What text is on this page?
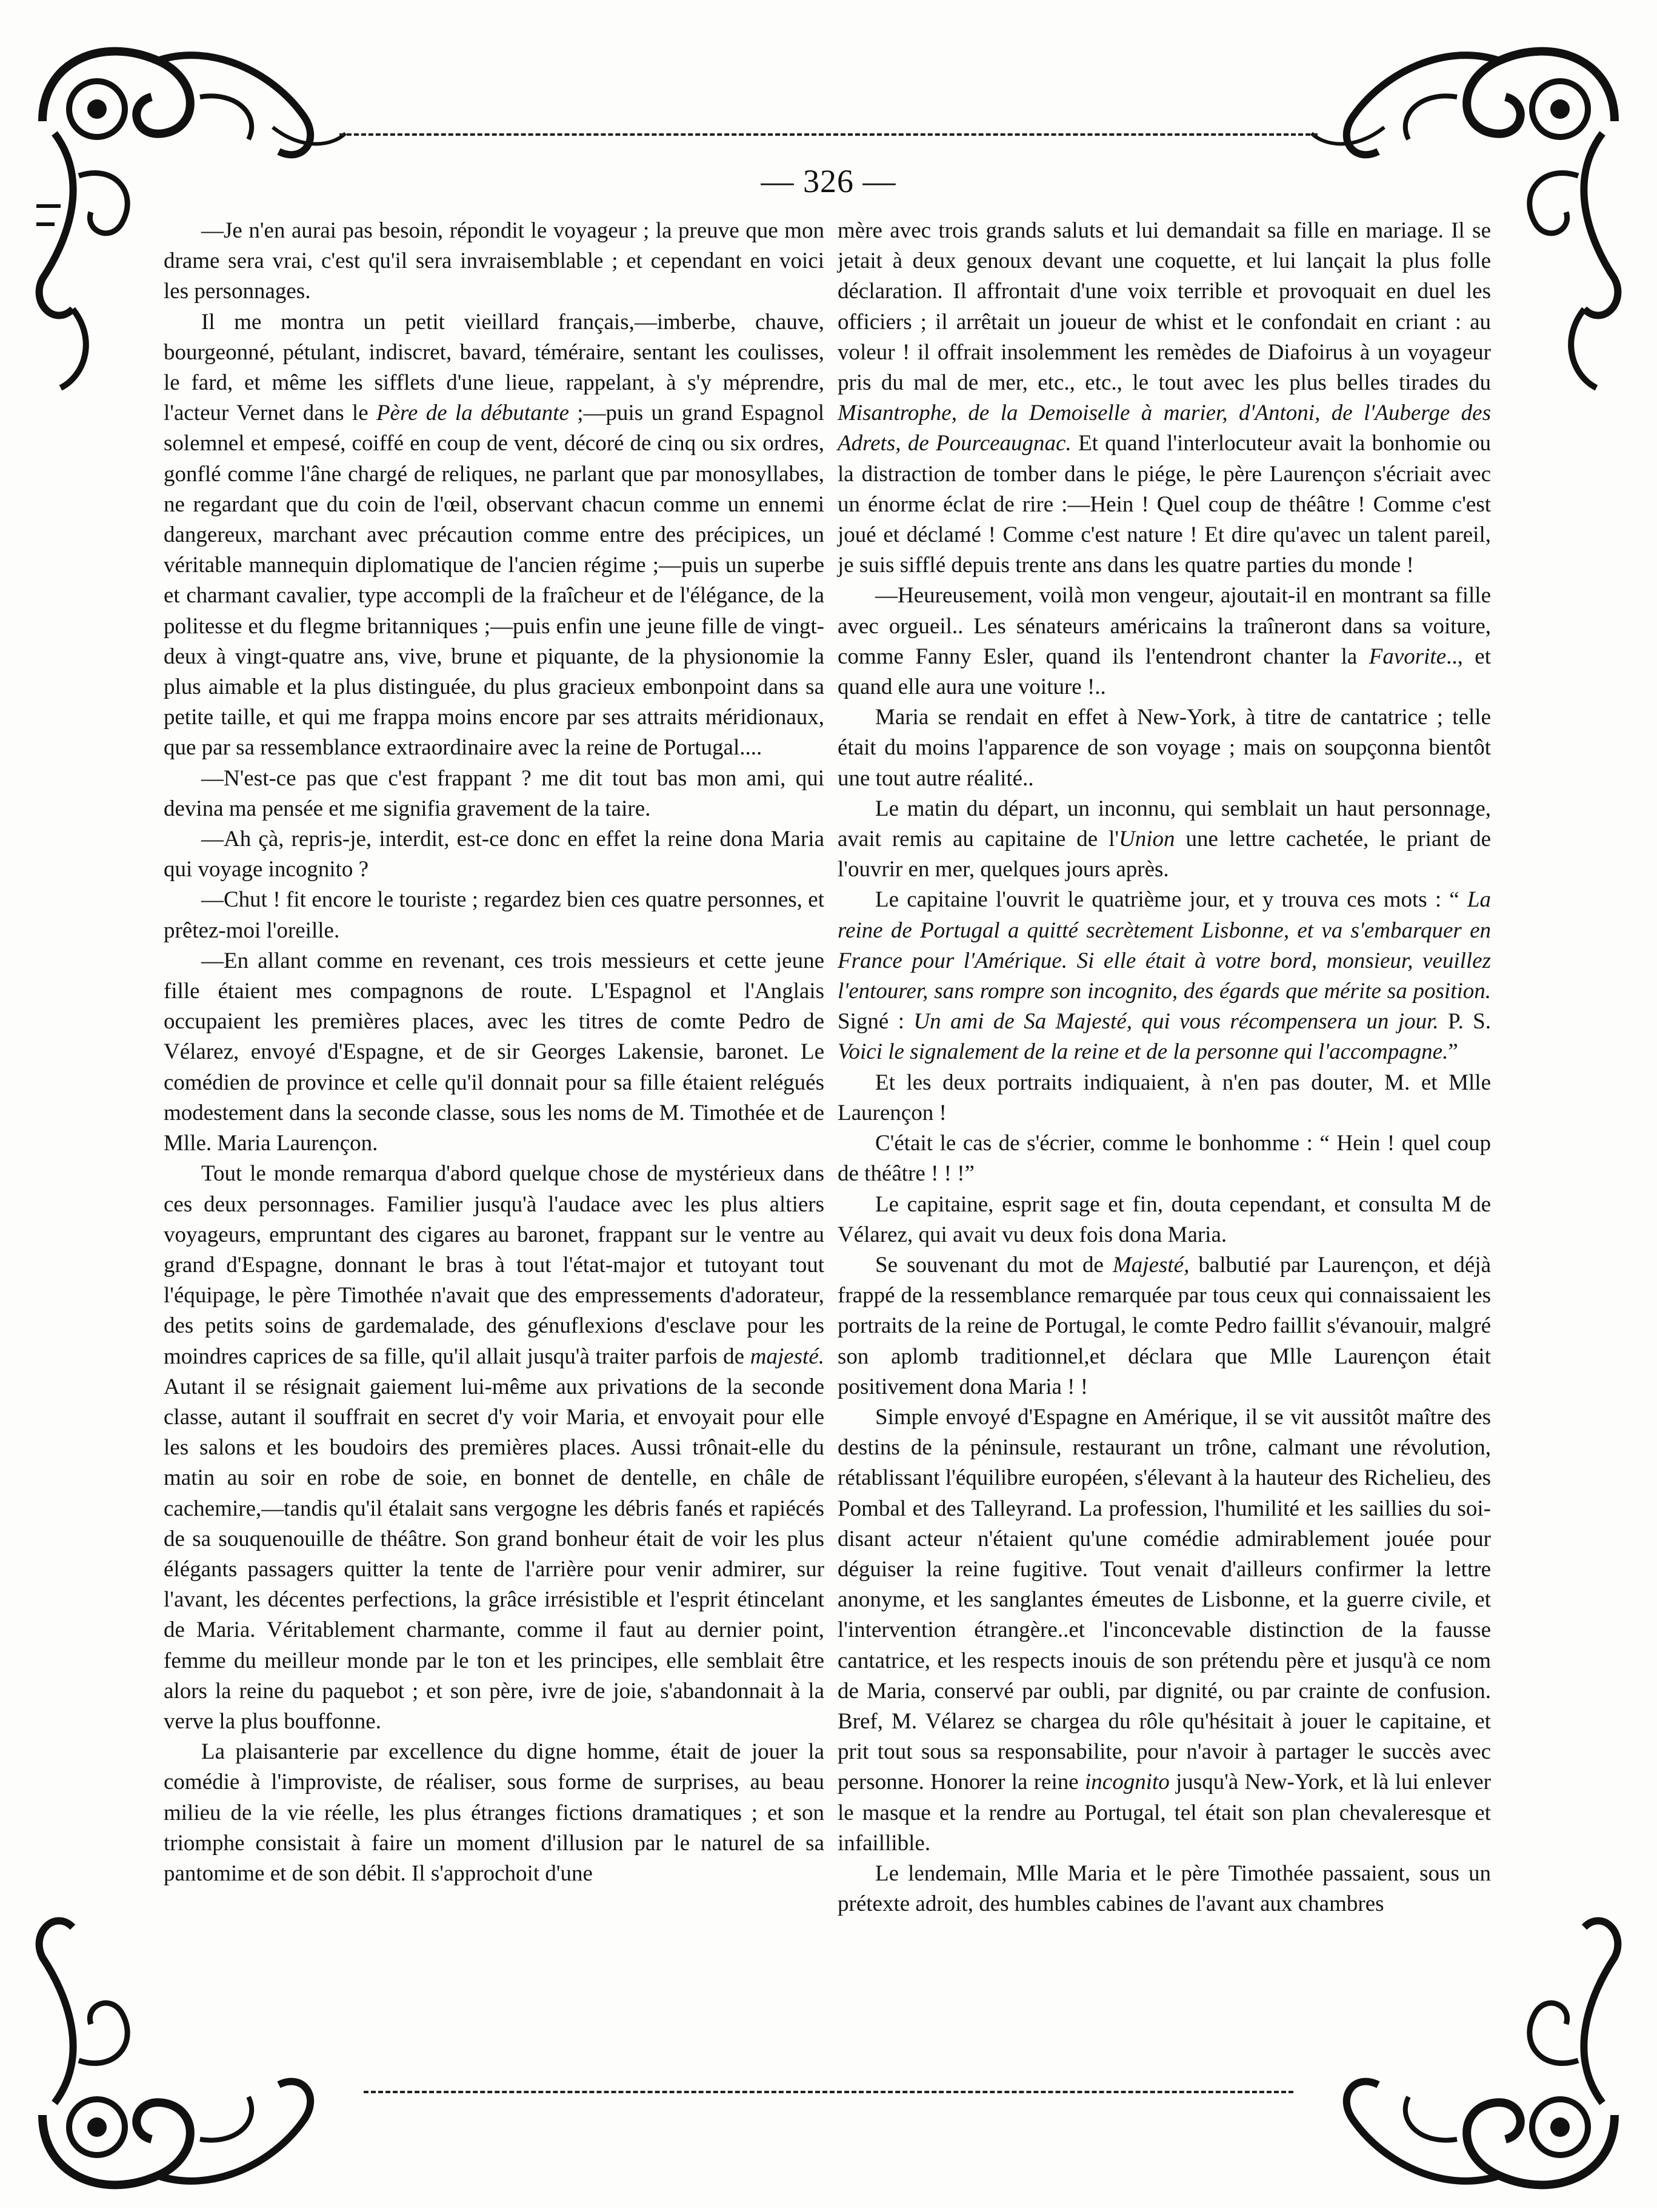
— 326 —

—Je n'en aurai pas besoin, répondit le voyageur ; la preuve que mon drame sera vrai, c'est qu'il sera invraisemblable ; et cependant en voici les personnages.

Il me montra un petit vieillard français,—imberbe, chauve, bourgeonné, pétulant, indiscret, bavard, téméraire, sentant les coulisses, le fard, et même les sifflets d'une lieue, rappelant, à s'y méprendre, l'acteur Vernet dans le Père de la débutante ;—puis un grand Espagnol solemnel et empesé, coiffé en coup de vent, décoré de cinq ou six ordres, gonflé comme l'âne chargé de reliques, ne parlant que par monosyllabes, ne regardant que du coin de l'œil, observant chacun comme un ennemi dangereux, marchant avec précaution comme entre des précipices, un véritable mannequin diplomatique de l'ancien régime ;—puis un superbe et charmant cavalier, type accompli de la fraîcheur et de l'élégance, de la politesse et du flegme britanniques ;—puis enfin une jeune fille de vingt-deux à vingt-quatre ans, vive, brune et piquante, de la physionomie la plus aimable et la plus distinguée, du plus gracieux embonpoint dans sa petite taille, et qui me frappa moins encore par ses attraits méridionaux, que par sa ressemblance extraordinaire avec la reine de Portugal....

—N'est-ce pas que c'est frappant ? me dit tout bas mon ami, qui devina ma pensée et me signifia gravement de la taire.

—Ah çà, repris-je, interdit, est-ce donc en effet la reine dona Maria qui voyage incognito ?

—Chut ! fit encore le touriste ; regardez bien ces quatre personnes, et prêtez-moi l'oreille.

—En allant comme en revenant, ces trois messieurs et cette jeune fille étaient mes compagnons de route. L'Espagnol et l'Anglais occupaient les premières places, avec les titres de comte Pedro de Vélarez, envoyé d'Espagne, et de sir Georges Lakensie, baronet. Le comédien de province et celle qu'il donnait pour sa fille étaient relégués modestement dans la seconde classe, sous les noms de M. Timothée et de Mlle. Maria Laurençon.

Tout le monde remarqua d'abord quelque chose de mystérieux dans ces deux personnages. Familier jusqu'à l'audace avec les plus altiers voyageurs, empruntant des cigares au baronet, frappant sur le ventre au grand d'Espagne, donnant le bras à tout l'état-major et tutoyant tout l'équipage, le père Timothée n'avait que des empressements d'adorateur, des petits soins de gardemalade, des génuflexions d'esclave pour les moindres caprices de sa fille, qu'il allait jusqu'à traiter parfois de majesté. Autant il se résignait gaiement lui-même aux privations de la seconde classe, autant il souffrait en secret d'y voir Maria, et envoyait pour elle les salons et les boudoirs des premières places. Aussi trônait-elle du matin au soir en robe de soie, en bonnet de dentelle, en châle de cachemire,—tandis qu'il étalait sans vergogne les débris fanés et rapiécés de sa souquenouille de théâtre. Son grand bonheur était de voir les plus élégants passagers quitter la tente de l'arrière pour venir admirer, sur l'avant, les décentes perfections, la grâce irrésistible et l'esprit étincelant de Maria. Véritablement charmante, comme il faut au dernier point, femme du meilleur monde par le ton et les principes, elle semblait être alors la reine du paquebot ; et son père, ivre de joie, s'abandonnait à la verve la plus bouffonne.

La plaisanterie par excellence du digne homme, était de jouer la comédie à l'improviste, de réaliser, sous forme de surprises, au beau milieu de la vie réelle, les plus étranges fictions dramatiques ; et son triomphe consistait à faire un moment d'illusion par le naturel de sa pantomime et de son débit. Il s'approchoit d'une

mère avec trois grands saluts et lui demandait sa fille en mariage. Il se jetait à deux genoux devant une coquette, et lui lançait la plus folle déclaration. Il affrontait d'une voix terrible et provoquait en duel les officiers ; il arrêtait un joueur de whist et le confondait en criant : au voleur ! il offrait insolemment les remèdes de Diafoirus à un voyageur pris du mal de mer, etc., etc., le tout avec les plus belles tirades du Misantrophe, de la Demoiselle à marier, d'Antoni, de l'Auberge des Adrets, de Pourceaugnac. Et quand l'interlocuteur avait la bonhomie ou la distraction de tomber dans le piége, le père Laurençon s'écriait avec un énorme éclat de rire :—Hein ! Quel coup de théâtre ! Comme c'est joué et déclamé ! Comme c'est nature ! Et dire qu'avec un talent pareil, je suis sifflé depuis trente ans dans les quatre parties du monde !

—Heureusement, voilà mon vengeur, ajoutait-il en montrant sa fille avec orgueil.. Les sénateurs américains la traîneront dans sa voiture, comme Fanny Esler, quand ils l'entendront chanter la Favorite.., et quand elle aura une voiture !..

Maria se rendait en effet à New-York, à titre de cantatrice ; telle était du moins l'apparence de son voyage ; mais on soupçonna bientôt une tout autre réalité..

Le matin du départ, un inconnu, qui semblait un haut personnage, avait remis au capitaine de l'Union une lettre cachetée, le priant de l'ouvrir en mer, quelques jours après.

Le capitaine l'ouvrit le quatrième jour, et y trouva ces mots : “ La reine de Portugal a quitté secrètement Lisbonne, et va s'embarquer en France pour l'Amérique. Si elle était à votre bord, monsieur, veuillez l'entourer, sans rompre son incognito, des égards que mérite sa position. Signé : Un ami de Sa Majesté, qui vous récompensera un jour. P. S. Voici le signalement de la reine et de la personne qui l'accompagne.”

Et les deux portraits indiquaient, à n'en pas douter, M. et Mlle Laurençon !

C'était le cas de s'écrier, comme le bonhomme : “ Hein ! quel coup de théâtre ! ! !”

Le capitaine, esprit sage et fin, douta cependant, et consulta M de Vélarez, qui avait vu deux fois dona Maria.

Se souvenant du mot de Majesté, balbutié par Laurençon, et déjà frappé de la ressemblance remarquée par tous ceux qui connaissaient les portraits de la reine de Portugal, le comte Pedro faillit s'évanouir, malgré son aplomb traditionnel,et déclara que Mlle Laurençon était positivement dona Maria ! !

Simple envoyé d'Espagne en Amérique, il se vit aussitôt maître des destins de la péninsule, restaurant un trône, calmant une révolution, rétablissant l'équilibre européen, s'élevant à la hauteur des Richelieu, des Pombal et des Talleyrand. La profession, l'humilité et les saillies du soi-disant acteur n'étaient qu'une comédie admirablement jouée pour déguiser la reine fugitive. Tout venait d'ailleurs confirmer la lettre anonyme, et les sanglantes émeutes de Lisbonne, et la guerre civile, et l'intervention étrangère..et l'inconcevable distinction de la fausse cantatrice, et les respects inouis de son prétendu père et jusqu'à ce nom de Maria, conservé par oubli, par dignité, ou par crainte de confusion. Bref, M. Vélarez se chargea du rôle qu'hésitait à jouer le capitaine, et prit tout sous sa responsabilite, pour n'avoir à partager le succès avec personne. Honorer la reine incognito jusqu'à New-York, et là lui enlever le masque et la rendre au Portugal, tel était son plan chevaleresque et infaillible.

Le lendemain, Mlle Maria et le père Timothée passaient, sous un prétexte adroit, des humbles cabines de l'avant aux chambres
